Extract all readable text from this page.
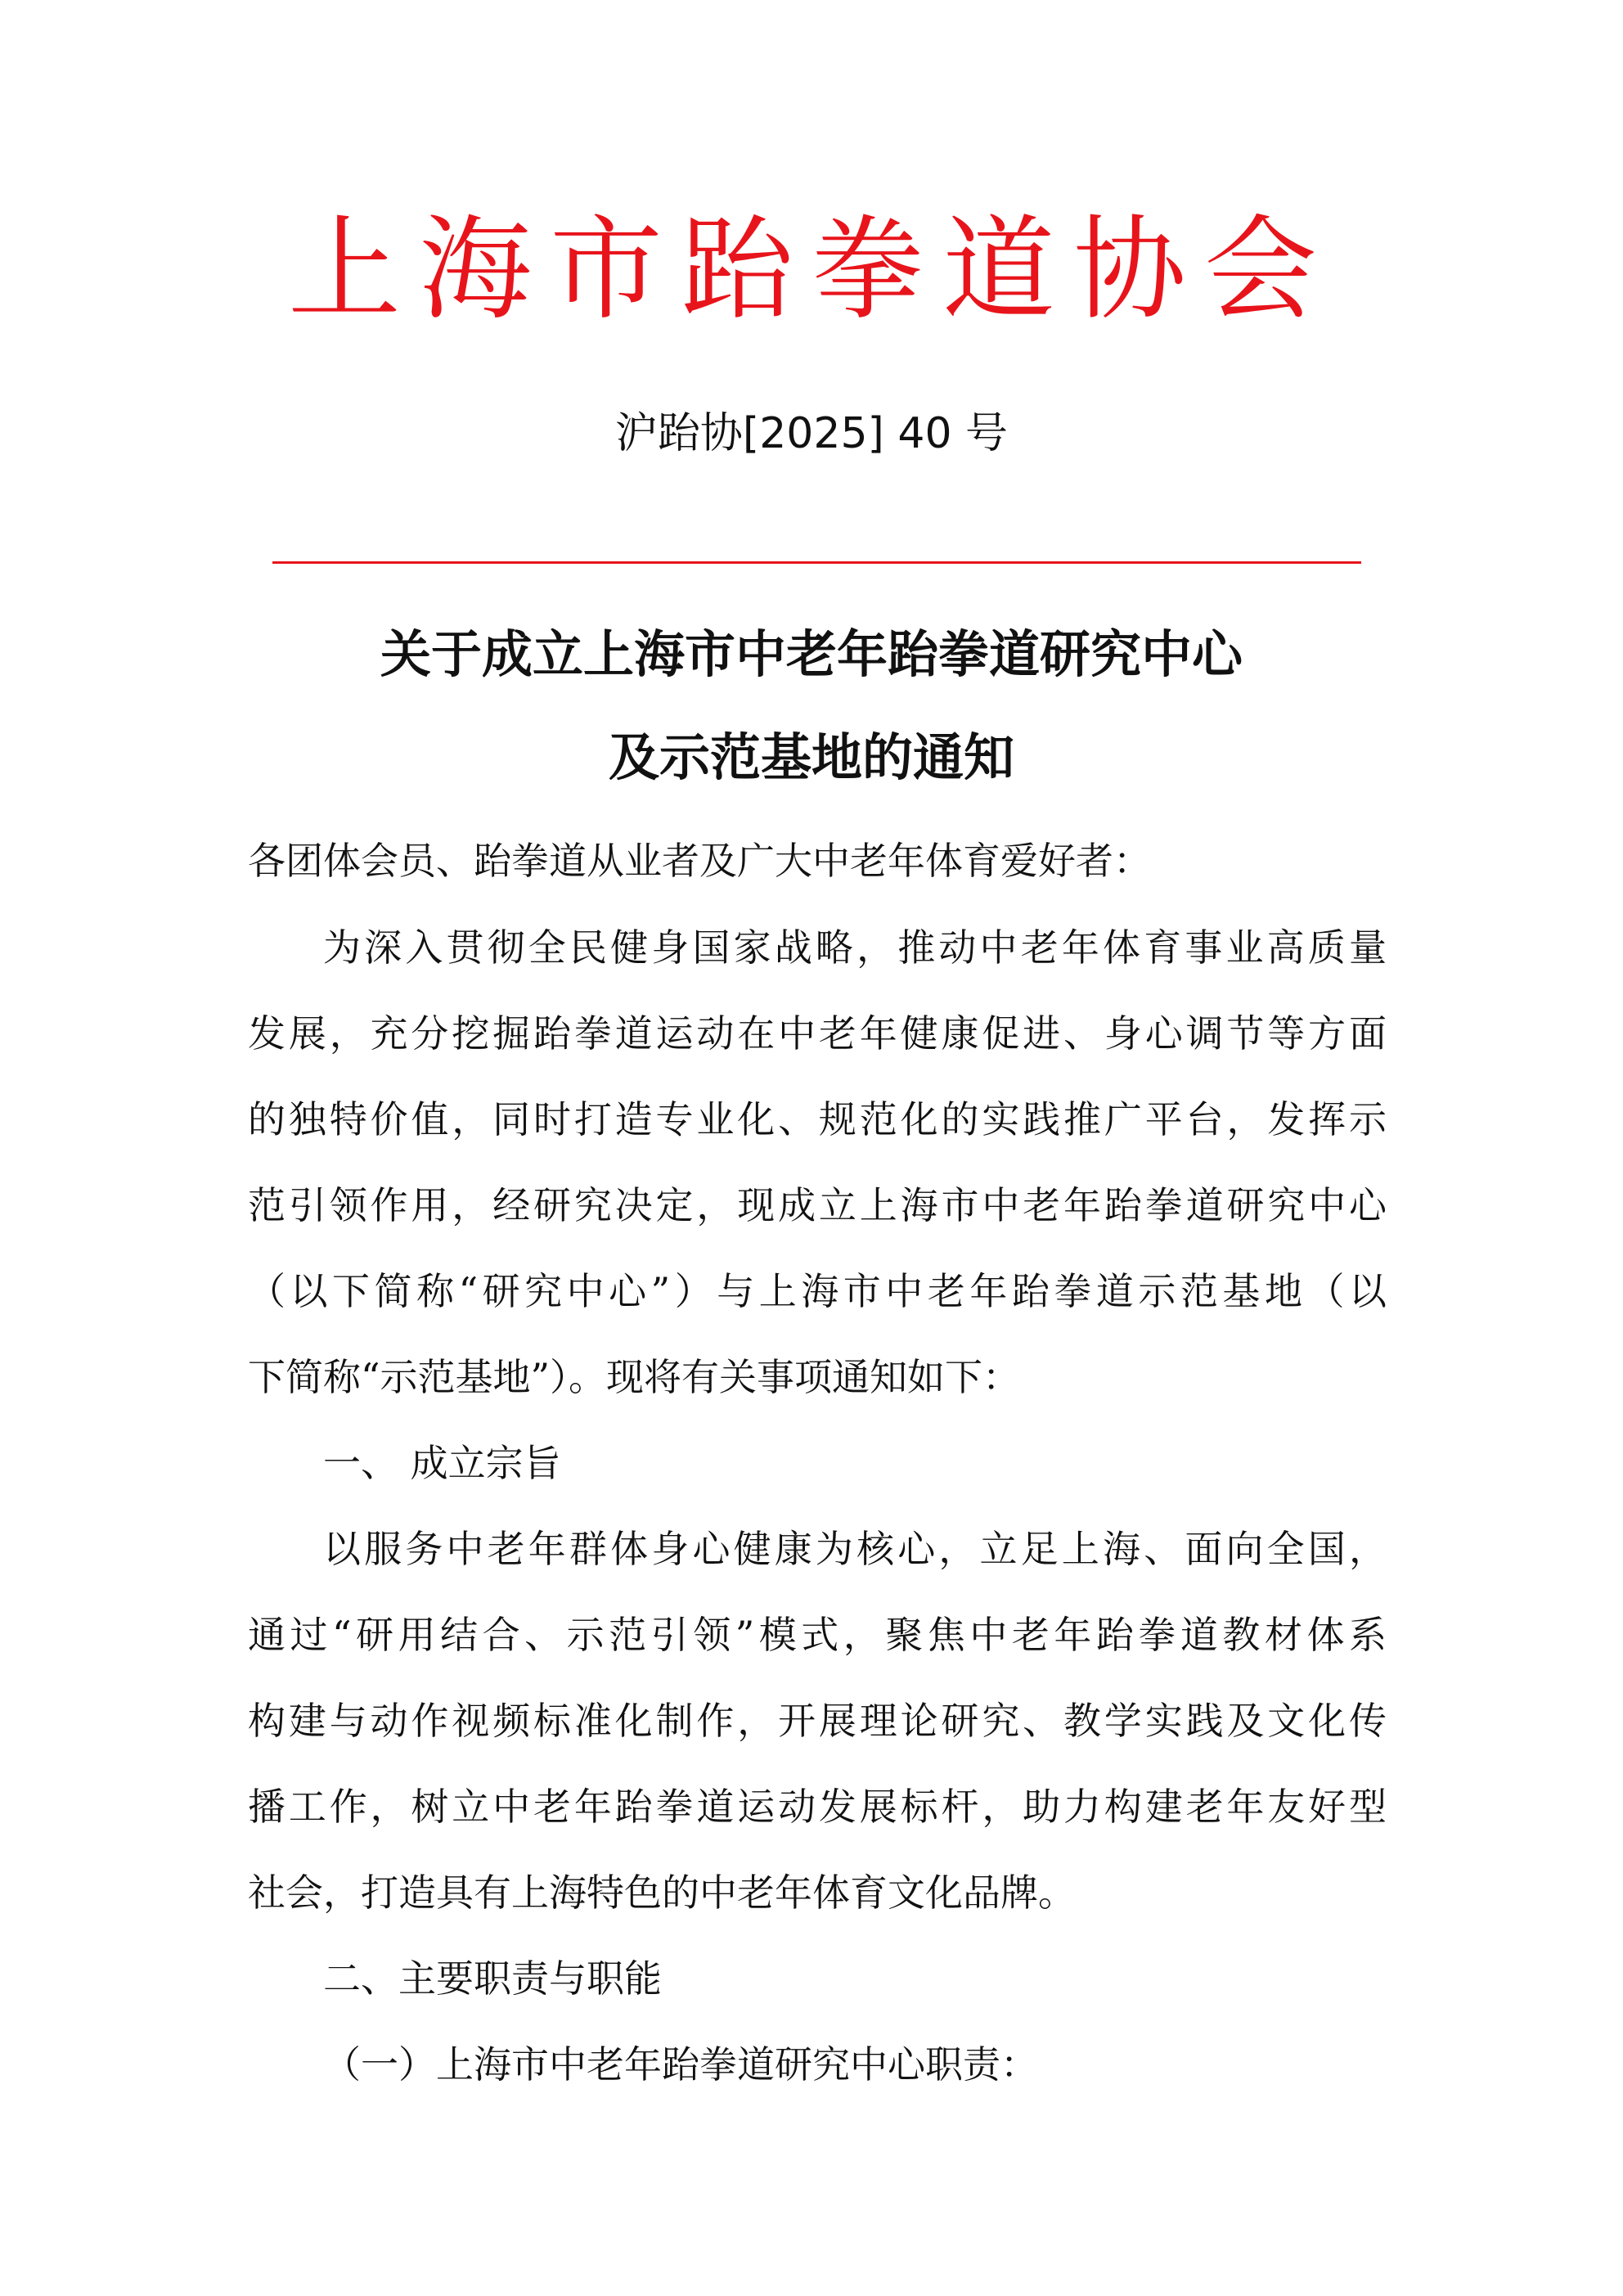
上海市跆拳道协会
沪跆协[2025] 40 号
关于成立上海市中老年跆拳道研究中心
及示范基地的通知
各团体会员、跆拳道从业者及广大中老年体育爱好者：
为深入贯彻全民健身国家战略，推动中老年体育事业高质量
发展，充分挖掘跆拳道运动在中老年健康促进、身心调节等方面
的独特价值，同时打造专业化、规范化的实践推广平台，发挥示
范引领作用，经研究决定，现成立上海市中老年跆拳道研究中心
（以下简称“研究中心”）与上海市中老年跆拳道示范基地（以
下简称“示范基地”）。现将有关事项通知如下：
一、 成立宗旨
以服务中老年群体身心健康为核心，立足上海、面向全国，
通过“研用结合、示范引领”模式，聚焦中老年跆拳道教材体系
构建与动作视频标准化制作，开展理论研究、教学实践及文化传
播工作，树立中老年跆拳道运动发展标杆，助力构建老年友好型
社会，打造具有上海特色的中老年体育文化品牌。
二、主要职责与职能
（一）上海市中老年跆拳道研究中心职责：
